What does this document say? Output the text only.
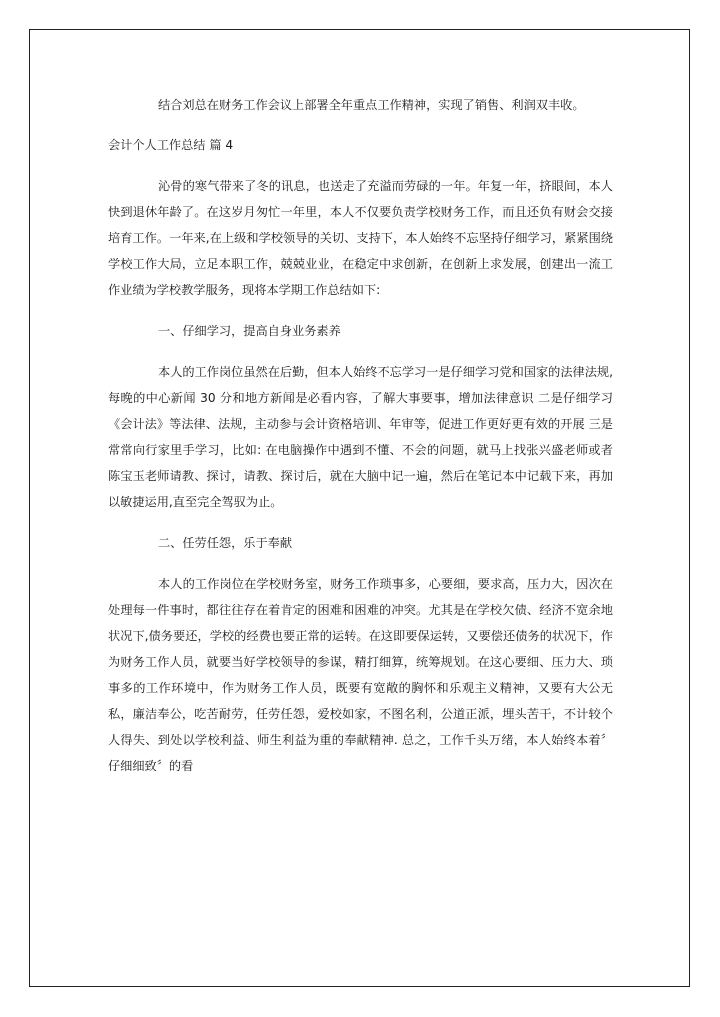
结合刘总在财务工作会议上部署全年重点工作精神，实现了销售、利润双丰收。

会计个人工作总结 篇 4

沁骨的寒气带来了冬的讯息，也送走了充溢而劳碌的一年。年复一年，挤眼间，本人快到退休年龄了。在这岁月匆忙一年里，本人不仅要负责学校财务工作，而且还负有财会交接培育工作。一年来,在上级和学校领导的关切、支持下，本人始终不忘坚持仔细学习，紧紧围绕学校工作大局，立足本职工作，兢兢业业，在稳定中求创新，在创新上求发展，创建出一流工作业绩为学校教学服务，现将本学期工作总结如下:

一、仔细学习，提高自身业务素养

本人的工作岗位虽然在后勤，但本人始终不忘学习一是仔细学习党和国家的法律法规,每晚的中心新闻 30 分和地方新闻是必看内容，了解大事要事，增加法律意识 二是仔细学习《会计法》等法律、法规，主动参与会计资格培训、年审等，促进工作更好更有效的开展 三是常常向行家里手学习，比如: 在电脑操作中遇到不懂、不会的问题，就马上找张兴盛老师或者陈宝玉老师请教、探讨，请教、探讨后，就在大脑中记一遍，然后在笔记本中记载下来，再加以敏捷运用,直至完全驾驭为止。

二、任劳任怨，乐于奉献

本人的工作岗位在学校财务室，财务工作琐事多，心要细，要求高，压力大，因次在处理每一件事时，都往往存在着肯定的困难和困难的冲突。尤其是在学校欠债、经济不宽余地状况下,债务要还，学校的经费也要正常的运转。在这即要保运转，又要偿还债务的状况下，作为财务工作人员，就要当好学校领导的参谋，精打细算，统筹规划。在这心要细、压力大、琐事多的工作环境中，作为财务工作人员，既要有宽敞的胸怀和乐观主义精神，又要有大公无私，廉洁奉公，吃苦耐劳，任劳任怨，爱校如家，不图名利，公道正派，埋头苦干，不计较个人得失、到处以学校利益、师生利益为重的奉献精神. 总之，工作千头万绪，本人始终本着〞仔细细致〞的看
